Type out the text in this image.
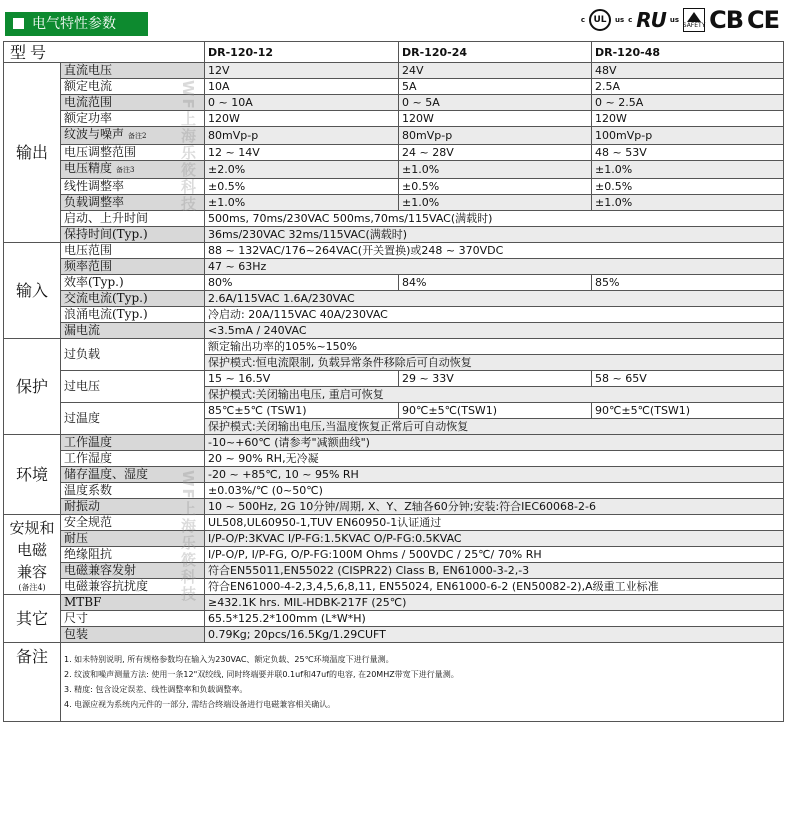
电气特性参数	c UL us c RU us
SAFETY CB CE
型号		DR-120-12	DR-120-24	DR-120-48
输出	直流电压	12V	24V	48V
	额定电流	10A	5A	2.5A
	电流范围	0 ~ 10A	0 ~ 5A	0 ~ 2.5A
	额定功率	120W	120W	120W
	纹波与噪声 备注2	80mVp-p	80mVp-p	100mVp-p
	电压调整范围	12 ~ 14V	24 ~ 28V	48 ~ 53V
	电压精度 备注3	±2.0%	±1.0%	±1.0%
	线性调整率	±0.5%	±0.5%	±0.5%
	负载调整率	±1.0%	±1.0%	±1.0%
	启动、上升时间	500ms, 70ms/230VAC 500ms,70ms/115VAC(满载时)		
	保持时间(Typ.)	36ms/230VAC 32ms/115VAC(满载时)		
输入	电压范围	88 ~ 132VAC/176~264VAC(开关置换)或248 ~ 370VDC		
	频率范围	47 ~ 63Hz		
	效率(Typ.)	80%	84%	85%
	交流电流(Typ.)	2.6A/115VAC 1.6A/230VAC		
	浪涌电流(Typ.)	冷启动: 20A/115VAC 40A/230VAC		
	漏电流	<3.5mA / 240VAC		
保护	过负载	额定输出功率的105%~150%		
		保护模式:恒电流限制, 负载异常条件移除后可自动恢复		
	过电压	15 ~ 16.5V	29 ~ 33V	58 ~ 65V
		保护模式:关闭输出电压, 重启可恢复		
	过温度	85℃±5℃ (TSW1)	90℃±5℃(TSW1)	90℃±5℃(TSW1)
		保护模式:关闭输出电压,当温度恢复正常后可自动恢复		
环境	工作温度	-10~+60℃ (请参考"减额曲线")		
	工作湿度	20 ~ 90% RH,无冷凝		
	储存温度、湿度	-20 ~ +85℃, 10 ~ 95% RH		
	温度系数	±0.03%/℃ (0~50℃)		
	耐振动	10 ~ 500Hz, 2G 10分钟/周期, X、Y、Z轴各60分钟;安装:符合IEC60068-2-6		

安规和
电磁
兼容
(备注4)	安全规范	UL508,UL60950-1,TUV EN60950-1认证通过		
	耐压	I/P-O/P:3KVAC I/P-FG:1.5KVAC O/P-FG:0.5KVAC		
	绝缘阻抗	I/P-O/P, I/P-FG, O/P-FG:100M Ohms / 500VDC / 25℃/ 70% RH		
	电磁兼容发射	符合EN55011,EN55022 (CISPR22) Class B, EN61000-3-2,-3		
	电磁兼容抗扰度	符合EN61000-4-2,3,4,5,6,8,11, EN55024, EN61000-6-2 (EN50082-2),A级重工业标准		
其它	MTBF	≥432.1K hrs. MIL-HDBK-217F (25℃)		
	尺寸	65.5*125.2*100mm (L*W*H)		
	包装	0.79Kg; 20pcs/16.5Kg/1.29CUFT		
备注	1. 如未特别说明, 所有规格参数均在输入为230VAC、额定负载、25℃环境温度下进行量测。
2. 纹波和噪声测量方法: 使用一条12"双绞线, 同时终端要并联0.1uf和47uf的电容, 在20MHZ带宽下进行量测。
3. 精度: 包含设定误差、线性调整率和负载调整率。
4. 电源应视为系统内元件的一部分, 需结合终端设备进行电磁兼容相关确认。			
WF上海乐筱科技
WF上海乐筱科技
